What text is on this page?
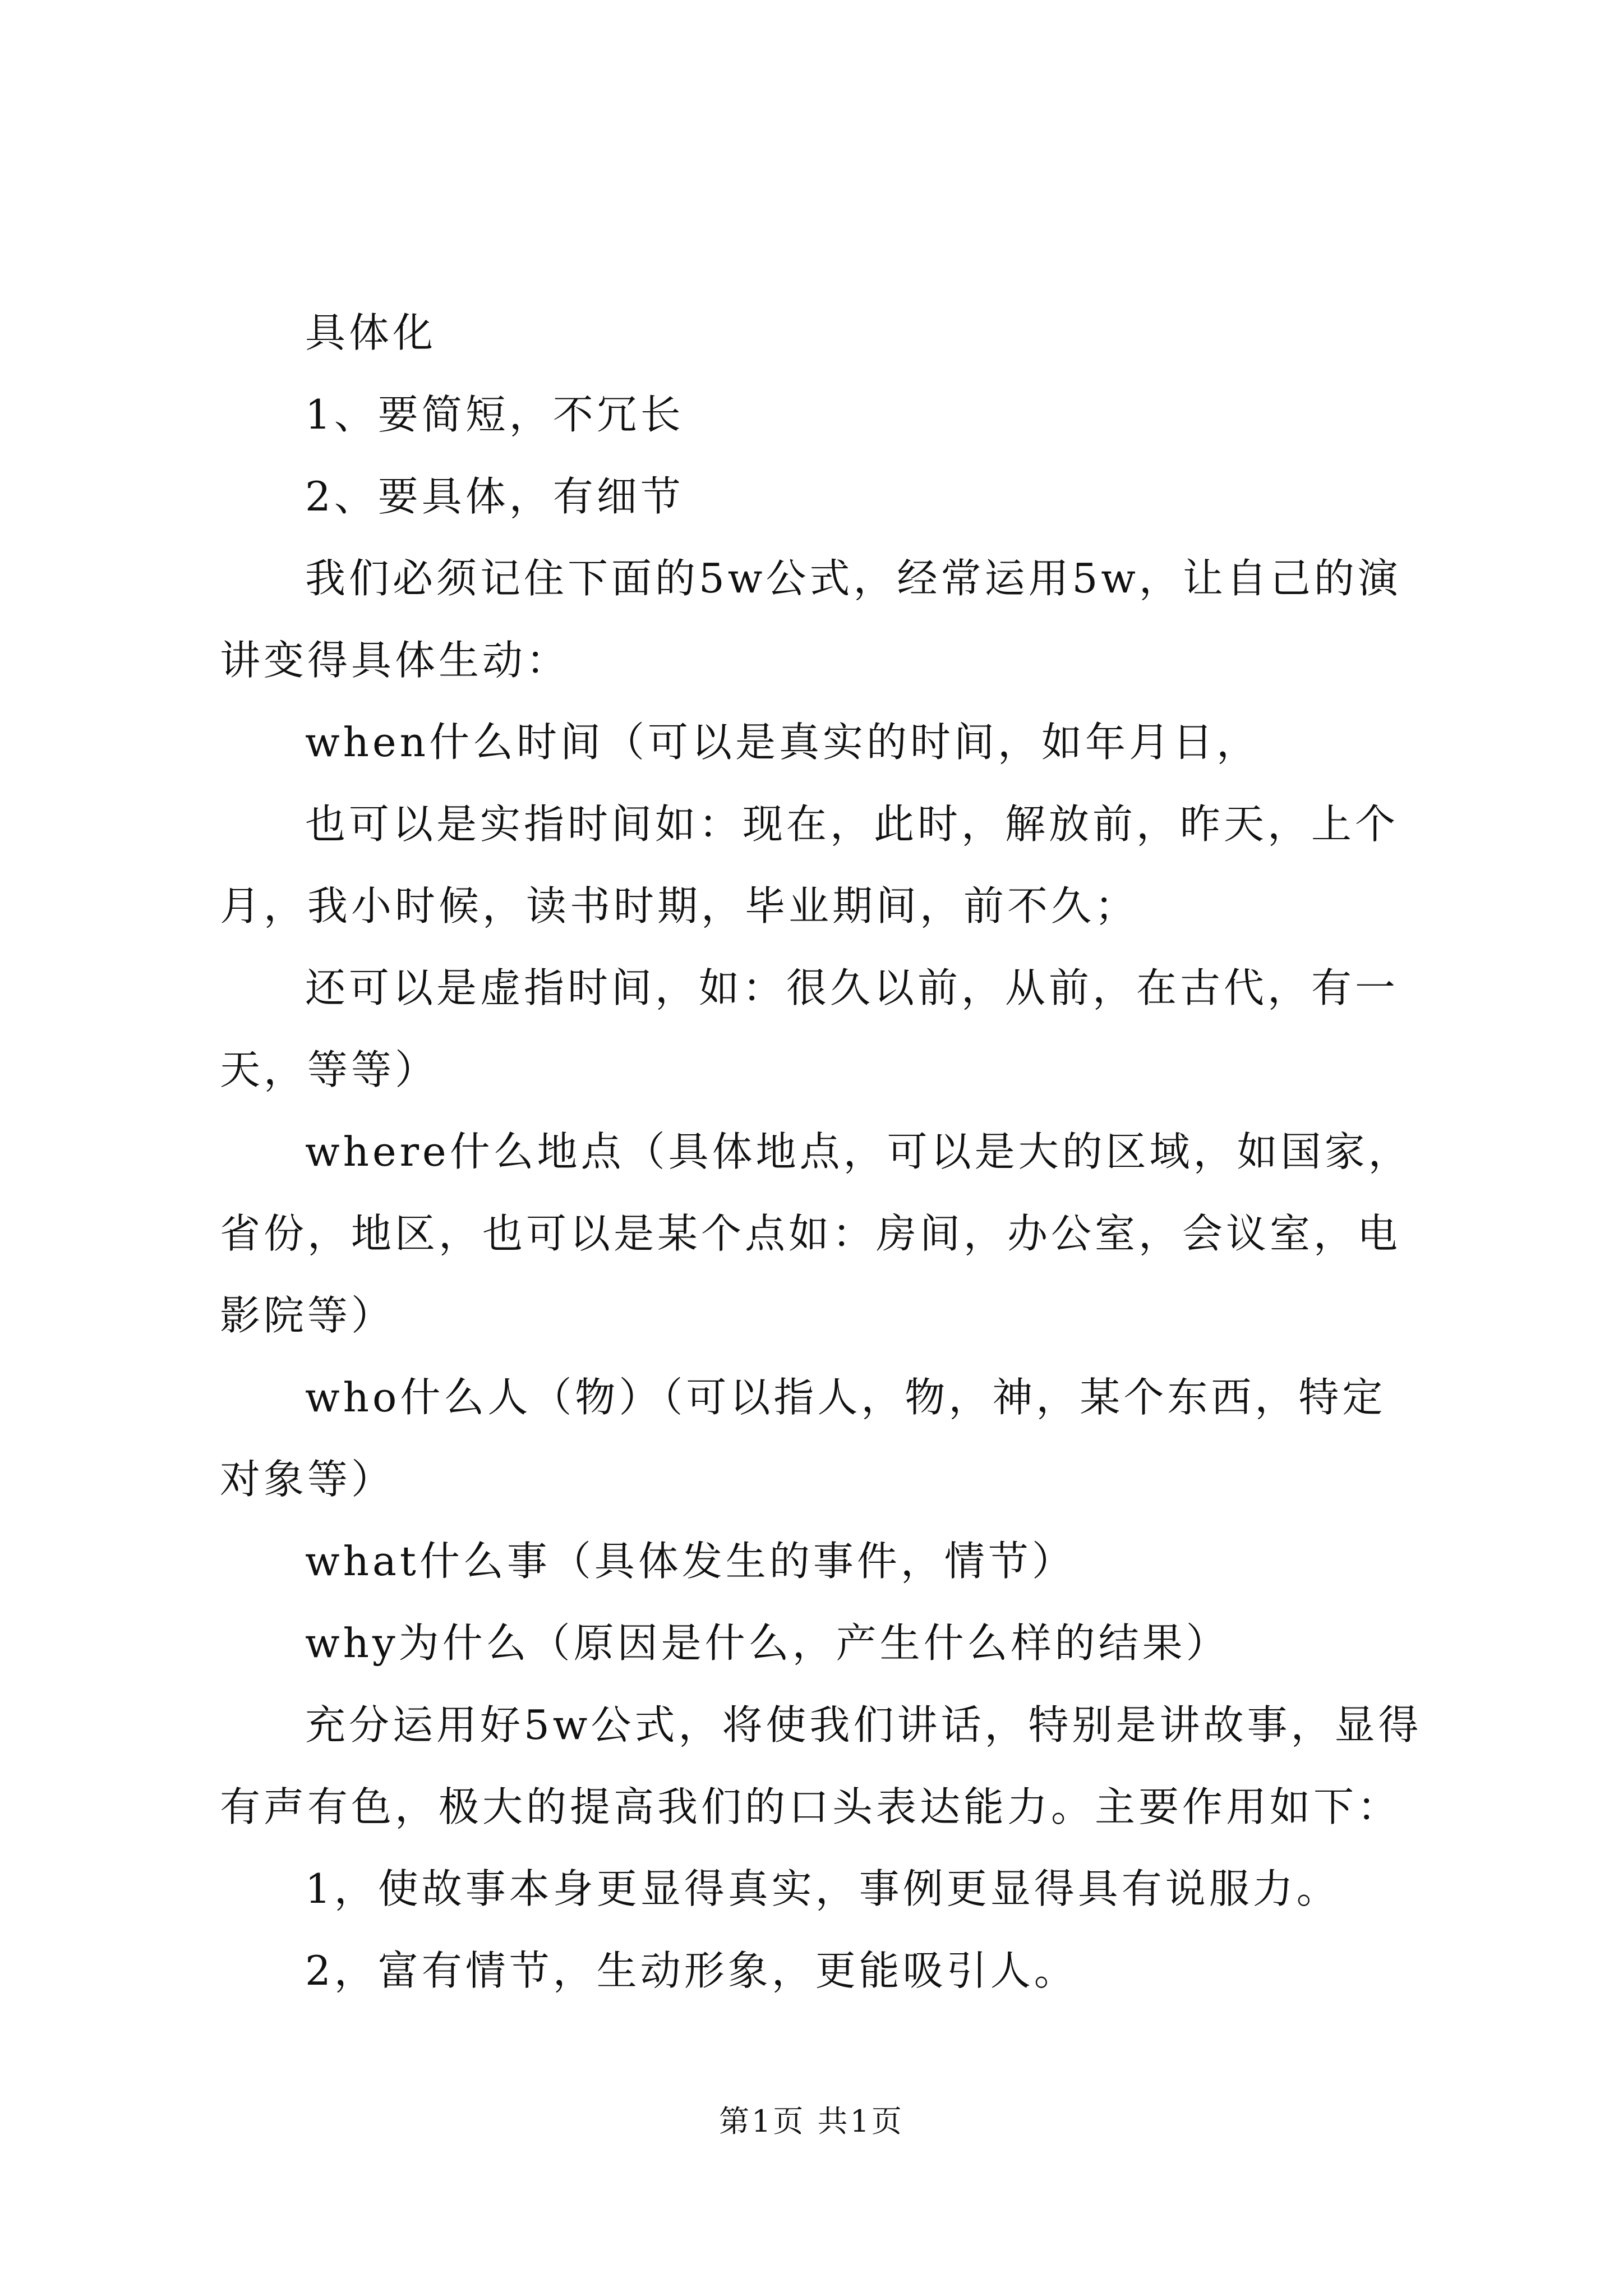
具体化

1、要简短，不冗长

2、要具体，有细节

我们必须记住下面的5w公式，经常运用5w，让自己的演讲变得具体生动：

when什么时间（可以是真实的时间，如年月日，

也可以是实指时间如：现在，此时，解放前，昨天，上个月，我小时候，读书时期，毕业期间，前不久；

还可以是虚指时间，如：很久以前，从前，在古代，有一天，等等）

where什么地点（具体地点，可以是大的区域，如国家，省份，地区，也可以是某个点如：房间，办公室，会议室，电影院等）

who什么人（物）（可以指人，物，神，某个东西，特定对象等）

what什么事（具体发生的事件，情节）

why为什么（原因是什么，产生什么样的结果）

充分运用好5w公式，将使我们讲话，特别是讲故事，显得有声有色，极大的提高我们的口头表达能力。主要作用如下：

1，使故事本身更显得真实，事例更显得具有说服力。

2，富有情节，生动形象，更能吸引人。

第1页 共1页
